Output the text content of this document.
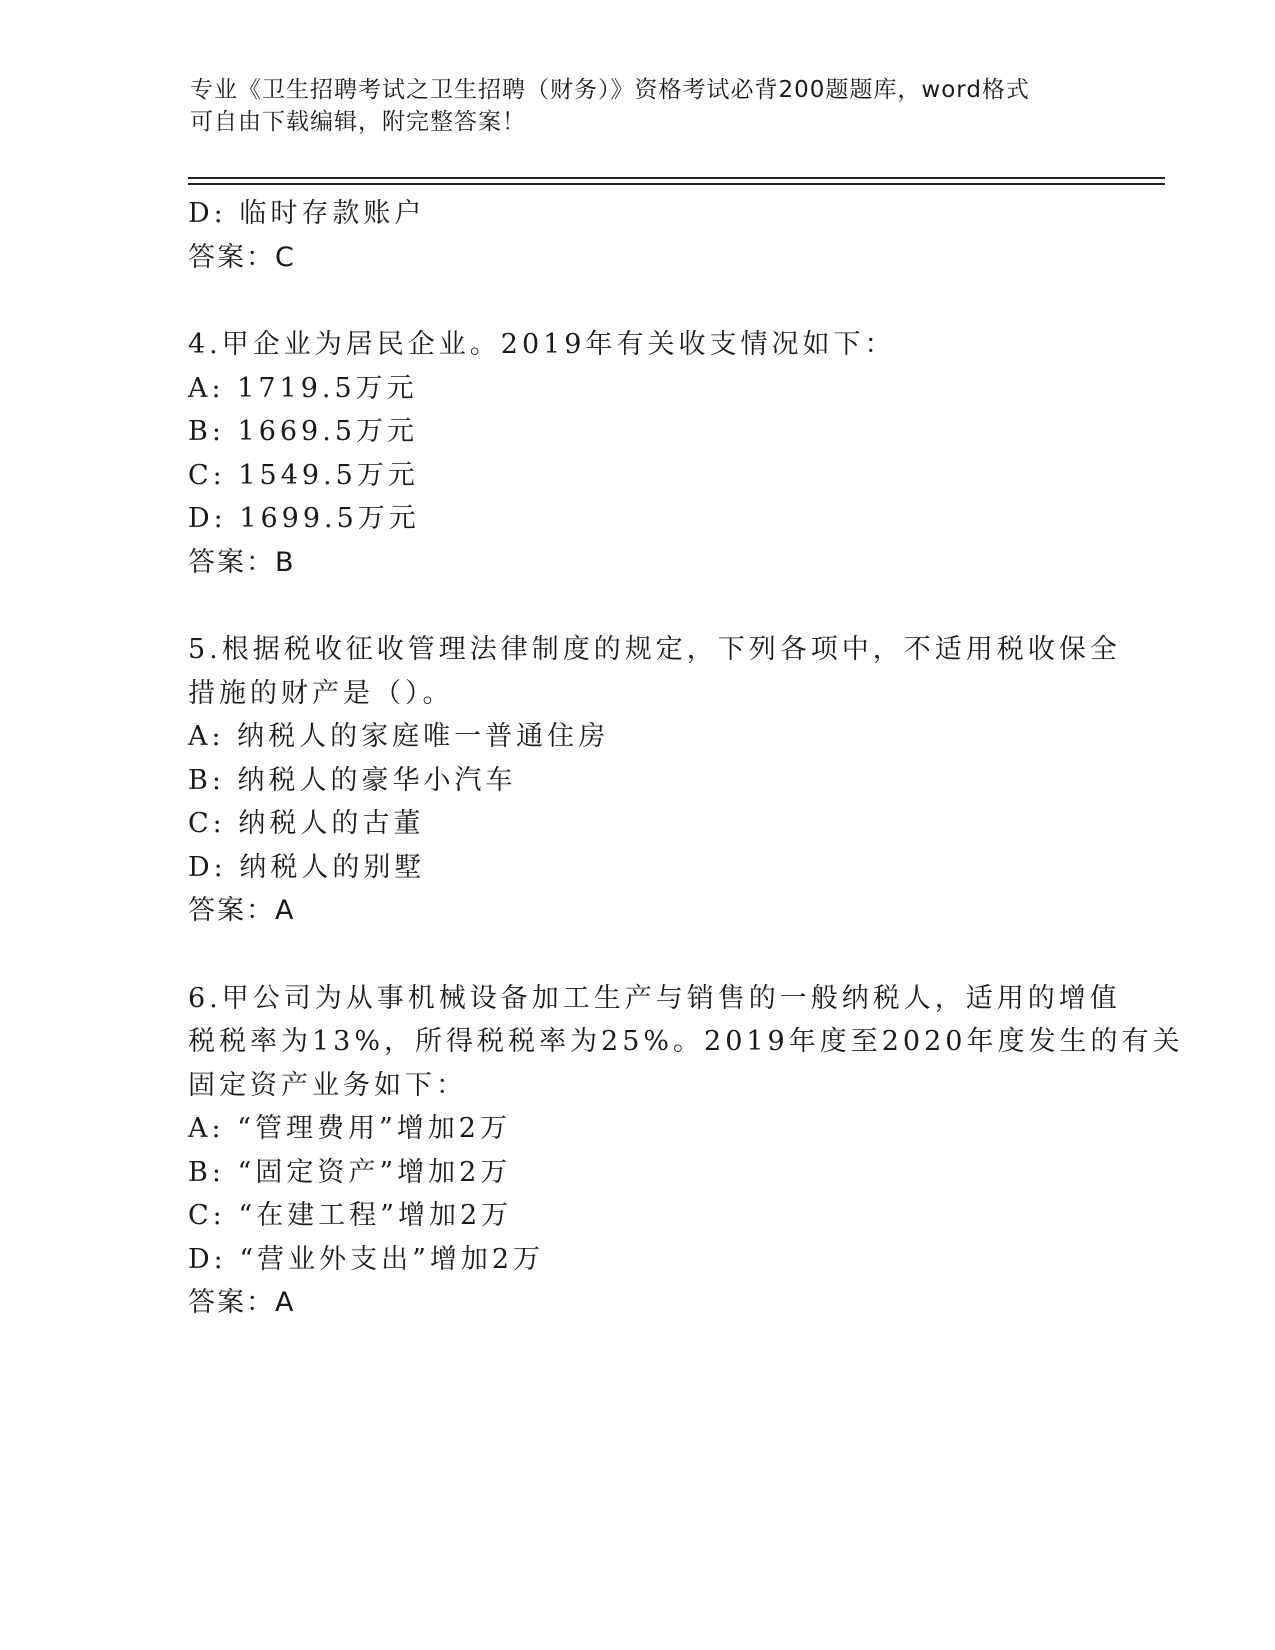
专业《卫生招聘考试之卫生招聘（财务）》资格考试必背200题题库，word格式
可自由下载编辑，附完整答案！
D: 临时存款账户
答案：C
4.甲企业为居民企业。2019年有关收支情况如下：
A: 1719.5万元
B: 1669.5万元
C: 1549.5万元
D: 1699.5万元
答案：B
5.根据税收征收管理法律制度的规定，下列各项中，不适用税收保全
措施的财产是（）。
A: 纳税人的家庭唯一普通住房
B: 纳税人的豪华小汽车
C: 纳税人的古董
D: 纳税人的别墅
答案：A
6.甲公司为从事机械设备加工生产与销售的一般纳税人，适用的增值
税税率为13%，所得税税率为25%。2019年度至2020年度发生的有关
固定资产业务如下：
A: “管理费用”增加2万
B: “固定资产”增加2万
C: “在建工程”增加2万
D: “营业外支出”增加2万
答案：A
